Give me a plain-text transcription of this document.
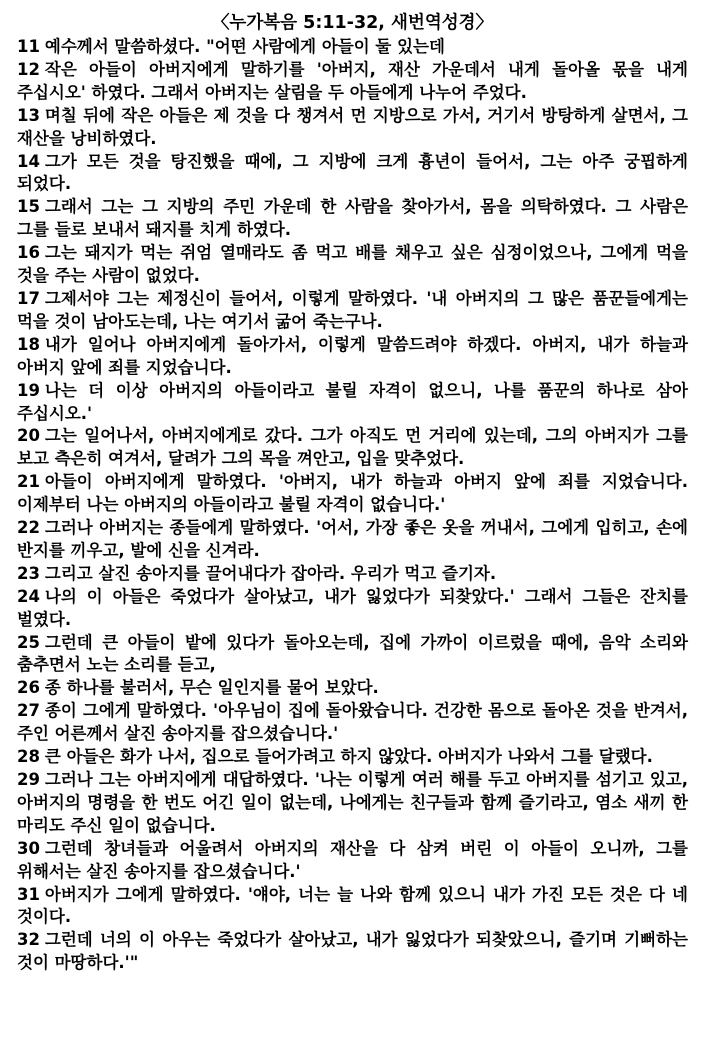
〈누가복음 5:11-32, 새번역성경〉

11 예수께서 말씀하셨다. "어떤 사람에게 아들이 둘 있는데

12 작은 아들이 아버지에게 말하기를 '아버지, 재산 가운데서 내게 돌아올 몫을 내게 주십시오' 하였다. 그래서 아버지는 살림을 두 아들에게 나누어 주었다.

13 며칠 뒤에 작은 아들은 제 것을 다 챙겨서 먼 지방으로 가서, 거기서 방탕하게 살면서, 그 재산을 낭비하였다.

14 그가 모든 것을 탕진했을 때에, 그 지방에 크게 흉년이 들어서, 그는 아주 궁핍하게 되었다.

15 그래서 그는 그 지방의 주민 가운데 한 사람을 찾아가서, 몸을 의탁하였다. 그 사람은 그를 들로 보내서 돼지를 치게 하였다.

16 그는 돼지가 먹는 쥐엄 열매라도 좀 먹고 배를 채우고 싶은 심정이었으나, 그에게 먹을 것을 주는 사람이 없었다.

17 그제서야 그는 제정신이 들어서, 이렇게 말하였다. '내 아버지의 그 많은 품꾼들에게는 먹을 것이 남아도는데, 나는 여기서 굶어 죽는구나.

18 내가 일어나 아버지에게 돌아가서, 이렇게 말씀드려야 하겠다. 아버지, 내가 하늘과 아버지 앞에 죄를 지었습니다.

19 나는 더 이상 아버지의 아들이라고 불릴 자격이 없으니, 나를 품꾼의 하나로 삼아 주십시오.'

20 그는 일어나서, 아버지에게로 갔다. 그가 아직도 먼 거리에 있는데, 그의 아버지가 그를 보고 측은히 여겨서, 달려가 그의 목을 껴안고, 입을 맞추었다.

21 아들이 아버지에게 말하였다. '아버지, 내가 하늘과 아버지 앞에 죄를 지었습니다. 이제부터 나는 아버지의 아들이라고 불릴 자격이 없습니다.'

22 그러나 아버지는 종들에게 말하였다. '어서, 가장 좋은 옷을 꺼내서, 그에게 입히고, 손에 반지를 끼우고, 발에 신을 신겨라.

23 그리고 살진 송아지를 끌어내다가 잡아라. 우리가 먹고 즐기자.

24 나의 이 아들은 죽었다가 살아났고, 내가 잃었다가 되찾았다.' 그래서 그들은 잔치를 벌였다.

25 그런데 큰 아들이 밭에 있다가 돌아오는데, 집에 가까이 이르렀을 때에, 음악 소리와 춤추면서 노는 소리를 듣고,

26 종 하나를 불러서, 무슨 일인지를 물어 보았다.

27 종이 그에게 말하였다. '아우님이 집에 돌아왔습니다. 건강한 몸으로 돌아온 것을 반겨서, 주인 어른께서 살진 송아지를 잡으셨습니다.'

28 큰 아들은 화가 나서, 집으로 들어가려고 하지 않았다. 아버지가 나와서 그를 달랬다.

29 그러나 그는 아버지에게 대답하였다. '나는 이렇게 여러 해를 두고 아버지를 섬기고 있고, 아버지의 명령을 한 번도 어긴 일이 없는데, 나에게는 친구들과 함께 즐기라고, 염소 새끼 한 마리도 주신 일이 없습니다.

30 그런데 창녀들과 어울려서 아버지의 재산을 다 삼켜 버린 이 아들이 오니까, 그를 위해서는 살진 송아지를 잡으셨습니다.'

31 아버지가 그에게 말하였다. '얘야, 너는 늘 나와 함께 있으니 내가 가진 모든 것은 다 네 것이다.

32 그런데 너의 이 아우는 죽었다가 살아났고, 내가 잃었다가 되찾았으니, 즐기며 기뻐하는 것이 마땅하다.'"
